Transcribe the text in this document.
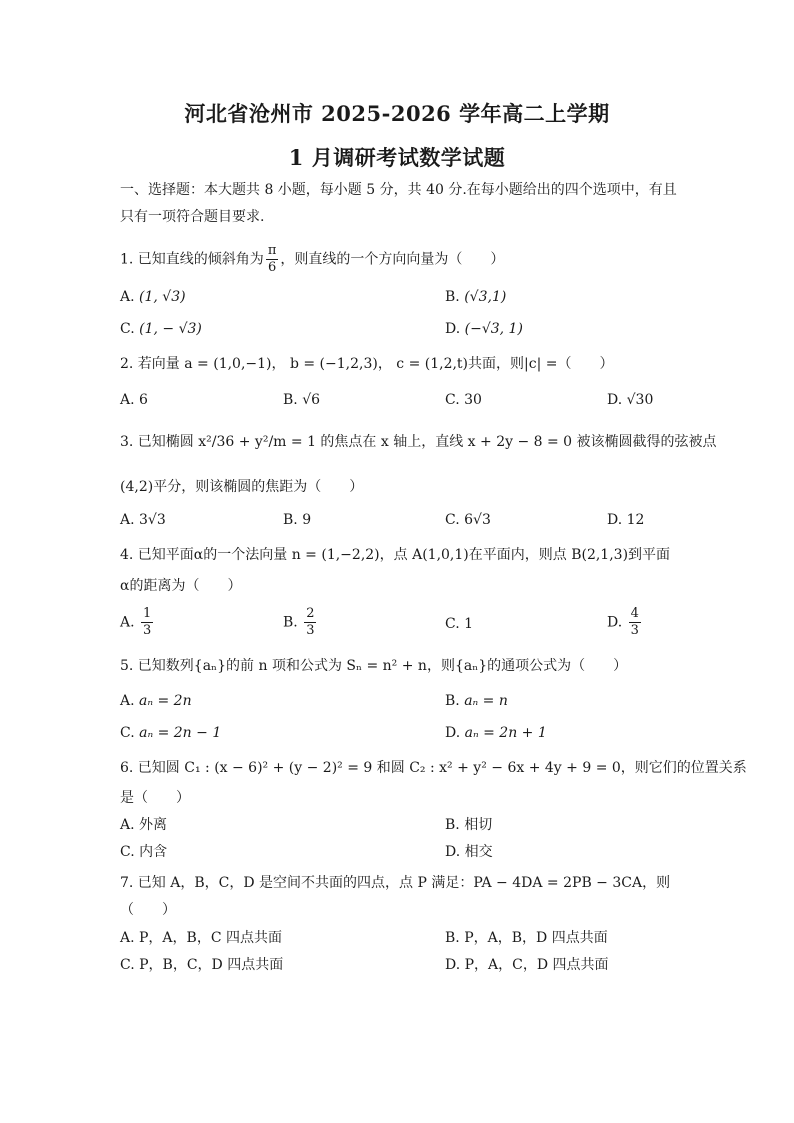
河北省沧州市 2025-2026 学年高二上学期
1 月调研考试数学试题
一、选择题：本大题共 8 小题，每小题 5 分，共 40 分.在每小题给出的四个选项中，有且
只有一项符合题目要求.
1. 已知直线的倾斜角为 $\frac{\pi}{6}$ ，则直线的一个方向向量为（　　）
A. (1, √3)	B. (√3,1)
C. (1, − √3)	D. (−√3, 1)
2. 若向量 a = (1,0,−1)， b = (−1,2,3)， c = (1,2,t)共面，则|c| =（　　）
A. 6	B. √6	C. 30	D. √30
3. 已知椭圆 x²/36 + y²/m = 1 的焦点在 x 轴上，直线 x + 2y − 8 = 0 被该椭圆截得的弦被点
(4,2)平分，则该椭圆的焦距为（　　）
A. 3√3	B. 9	C. 6√3	D. 12
4. 已知平面α的一个法向量 n = (1,−2,2)，点 A(1,0,1)在平面内，则点 B(2,1,3)到平面
α的距离为（　　）
A. $\frac{1}{3}$	B. $\frac{2}{3}$	C. 1	D. $\frac{4}{3}$
5. 已知数列{aₙ}的前 n 项和公式为 Sₙ = n² + n，则{aₙ}的通项公式为（　　）
A. aₙ = 2n	B. aₙ = n
C. aₙ = 2n − 1	D. aₙ = 2n + 1
6. 已知圆 C₁ : (x − 6)² + (y − 2)² = 9 和圆 C₂ : x² + y² − 6x + 4y + 9 = 0，则它们的位置关系
是（　　）
A. 外离	B. 相切
C. 内含	D. 相交
7. 已知 A，B，C，D 是空间不共面的四点，点 P 满足：PA − 4DA = 2PB − 3CA，则
（　　）
A. P，A，B，C 四点共面	B. P，A，B，D 四点共面
C. P，B，C，D 四点共面	D. P，A，C，D 四点共面
